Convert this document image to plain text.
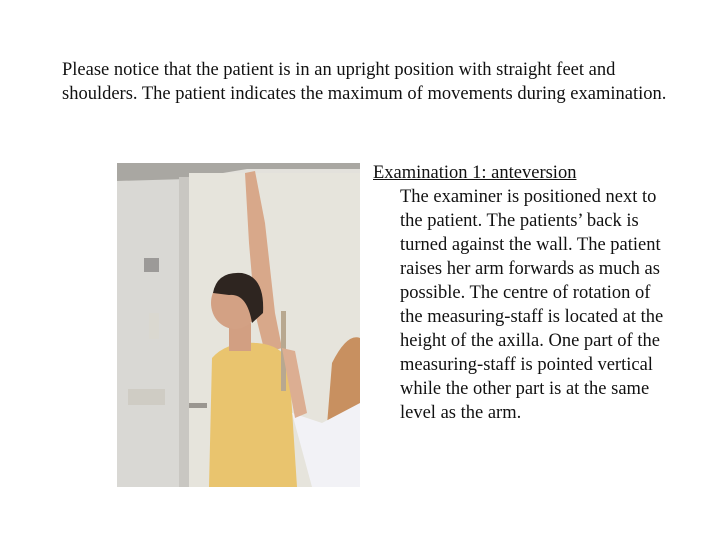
Please notice that the patient is in an upright position with straight feet and shoulders. The patient indicates the maximum of movements during examination.

Examination 1: anteversion

The examiner is positioned next to the patient. The patients’ back is turned against the wall. The patient raises her arm forwards as much as possible. The centre of rotation of the measuring-staff is located at the height of the axilla. One part of the measuring-staff is pointed vertical while the other part is at the same level as the arm.
